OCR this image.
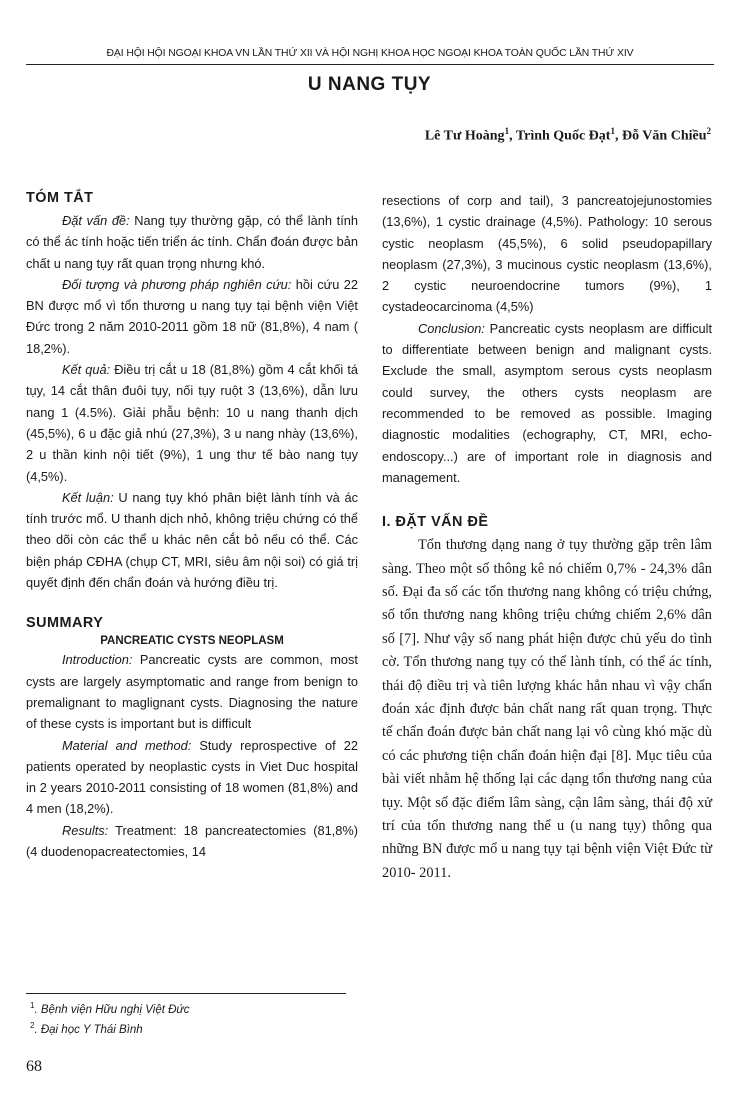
ĐẠI HỘI HỘI NGOẠI KHOA VN LẦN THỨ XII VÀ HỘI NGHỊ KHOA HỌC NGOẠI KHOA TOÀN QUỐC LẦN THỨ XIV
U NANG TỤY
Lê Tư Hoàng$^1$, Trình Quốc Đạt$^1$, Đỗ Văn Chiều$^2$
TÓM TẮT

Đặt vấn đề: Nang tụy thường gặp, có thể lành tính có thể ác tính hoặc tiến triển ác tính. Chẩn đoán được bản chất u nang tụy rất quan trọng nhưng khó.

Đối tượng và phương pháp nghiên cứu: hồi cứu 22 BN được mổ vì tổn thương u nang tụy tại bệnh viện Việt Đức trong 2 năm 2010-2011 gồm 18 nữ (81,8%), 4 nam ( 18,2%).

Kết quả: Điều trị cắt u 18 (81,8%) gồm 4 cắt khối tá tụy, 14 cắt thân đuôi tụy, nối tụy ruột 3 (13,6%), dẫn lưu nang 1 (4.5%). Giải phẫu bệnh: 10 u nang thanh dịch (45,5%), 6 u đặc giả nhú (27,3%), 3 u nang nhày (13,6%), 2 u thần kinh nội tiết (9%), 1 ung thư tế bào nang tụy (4,5%).

Kết luận: U nang tụy khó phân biệt lành tính và ác tính trước mổ. U thanh dịch nhỏ, không triệu chứng có thể theo dõi còn các thể u khác nên cắt bỏ nếu có thể. Các biện pháp CĐHA (chụp CT, MRI, siêu âm nội soi) có giá trị quyết định đến chẩn đoán và hướng điều trị.

SUMMARY
PANCREATIC CYSTS NEOPLASM

Introduction: Pancreatic cysts are common, most cysts are largely asymptomatic and range from benign to premalignant to maglignant cysts. Diagnosing the nature of these cysts is important but is difficult

Material and method: Study reprospective of 22 patients operated by neoplastic cysts in Viet Duc hospital in 2 years 2010-2011 consisting of 18 women (81,8%) and 4 men (18,2%).

Results: Treatment: 18 pancreatectomies (81,8%) (4 duodenopacreatectomies, 14

resections of corp and tail), 3 pancreatojejunostomies (13,6%), 1 cystic drainage (4,5%). Pathology: 10 serous cystic neoplasm (45,5%), 6 solid pseudopapillary neoplasm (27,3%), 3 mucinous cystic neoplasm (13,6%), 2 cystic neuroendocrine tumors (9%), 1 cystadeocarcinoma (4,5%)

Conclusion: Pancreatic cysts neoplasm are difficult to differentiate between benign and malignant cysts. Exclude the small, asymptom serous cysts neoplasm could survey, the others cysts neoplasm are recommended to be removed as possible. Imaging diagnostic modalities (echography, CT, MRI, echo-endoscopy...) are of important role in diagnosis and management.

I. ĐẶT VẤN ĐỀ

Tổn thương dạng nang ở tụy thường gặp trên lâm sàng. Theo một số thông kê nó chiếm 0,7% - 24,3% dân số. Đại đa số các tổn thương nang không có triệu chứng, số tổn thương nang không triệu chứng chiếm 2,6% dân số [7]. Như vậy số nang phát hiện được chủ yếu do tình cờ. Tổn thương nang tụy có thể lành tính, có thể ác tính, thái độ điều trị và tiên lượng khác hẳn nhau vì vậy chẩn đoán xác định được bản chất nang rất quan trọng. Thực tế chẩn đoán được bản chất nang lại vô cùng khó mặc dù có các phương tiện chẩn đoán hiện đại [8]. Mục tiêu của bài viết nhằm hệ thống lại các dạng tổn thương nang của tụy. Một số đặc điểm lâm sàng, cận lâm sàng, thái độ xử trí của tổn thương nang thể u (u nang tụy) thông qua những BN được mổ u nang tụy tại bệnh viện Việt Đức từ 2010- 2011.

$^1$. Bệnh viện Hữu nghị Việt Đức
$^2$. Đại học Y Thái Bình
68
